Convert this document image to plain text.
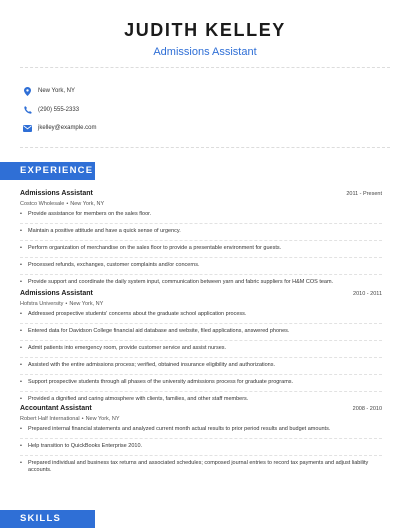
JUDITH KELLEY
Admissions Assistant
New York, NY
(290) 555-2333
jkelley@example.com
EXPERIENCE
Admissions Assistant	2011 - Present
Costco Wholesale • New York, NY
• Provide assistance for members on the sales floor.
• Maintain a positive attitude and have a quick sense of urgency.
• Perform organization of merchandise on the sales floor to provide a presentable environment for guests.
• Processed refunds, exchanges, customer complaints and/or concerns.
• Provide support and coordinate the daily system input, communication between yarn and fabric suppliers for H&M COS team.
Admissions Assistant	2010 - 2011
Hofstra University • New York, NY
• Addressed prospective students' concerns about the graduate school application process.
• Entered data for Davidson College financial aid database and website, filed applications, answered phones.
• Admit patients into emergency room, provide customer service and assist nurses.
• Assisted with the entire admissions process; verified, obtained insurance eligibility and authorizations.
• Support prospective students through all phases of the university admissions process for graduate programs.
• Provided a dignified and caring atmosphere with clients, families, and other staff members.
Accountant Assistant	2008 - 2010
Robert Half International • New York, NY
• Prepared internal financial statements and analyzed current month actual results to prior period results and budget amounts.
• Help transition to QuickBooks Enterprise 2010.
• Prepared individual and business tax returns and associated schedules; composed journal entries to record tax payments and adjust liability accounts.
SKILLS
